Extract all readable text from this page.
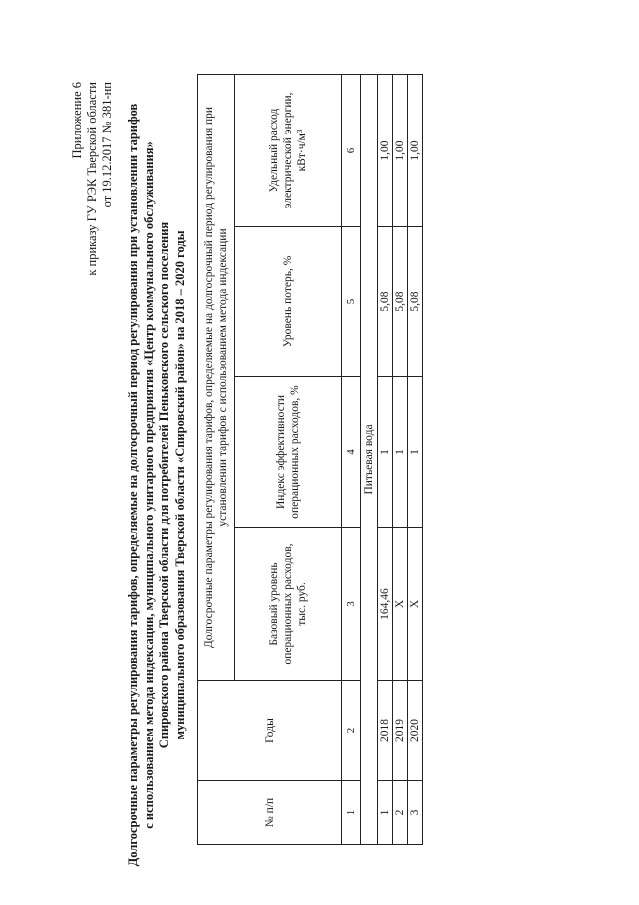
Приложение 6 к приказу ГУ РЭК Тверской области от 19.12.2017 № 381-нп Долгосрочные параметры регулирования тарифов, определяемые на долгосрочный период регулирования при установлении тарифов с использованием метода индексации, муниципального унитарного предприятия «Центр коммунального обслуживания» Спировского района Тверской области для потребителей Пеньковского сельского поселения муниципального образования Тверской области «Спировский район» на 2018 – 2020 годы
№ п/п	Годы	Долгосрочные параметры регулирования тарифов, определяемые на долгосрочный период регулирования при установлении тарифов с использованием метода индексации			
		Базовый уровень операционных расходов, тыс. руб.	Индекс эффективности операционных расходов, %	Уровень потерь, %	Удельный расход электрической энергии, кВт·ч/м³
1	2	3	4	5	6
Питьевая вода					
1	2018	164,46	1	5,08	1,00
2	2019	X	1	5,08	1,00
3	2020	X	1	5,08	1,00
